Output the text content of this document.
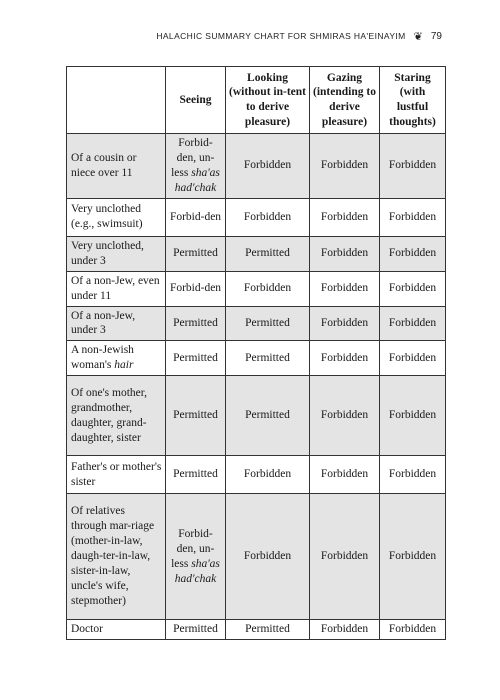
HALACHIC SUMMARY CHART FOR SHMIRAS HA'EINAYIM ❦ 79
	Seeing	Looking (without in-tent to derive pleasure)	Gazing (intending to derive pleasure)	Staring (with lustful thoughts)
Of a cousin or niece over 11	Forbid-den, un-less sha'as had'chak	Forbidden	Forbidden	Forbidden
Very unclothed (e.g., swimsuit)	Forbid-den	Forbidden	Forbidden	Forbidden
Very unclothed, under 3	Permitted	Permitted	Forbidden	Forbidden
Of a non-Jew, even under 11	Forbid-den	Forbidden	Forbidden	Forbidden
Of a non-Jew, under 3	Permitted	Permitted	Forbidden	Forbidden
A non-Jewish woman's hair	Permitted	Permitted	Forbidden	Forbidden
Of one's mother, grandmother, daughter, grand-daughter, sister	Permitted	Permitted	Forbidden	Forbidden
Father's or mother's sister	Permitted	Forbidden	Forbidden	Forbidden
Of relatives through mar-riage (mother-in-law, daugh-ter-in-law, sister-in-law, uncle's wife, stepmother)	Forbid-den, un-less sha'as had'chak	Forbidden	Forbidden	Forbidden
Doctor	Permitted	Permitted	Forbidden	Forbidden
